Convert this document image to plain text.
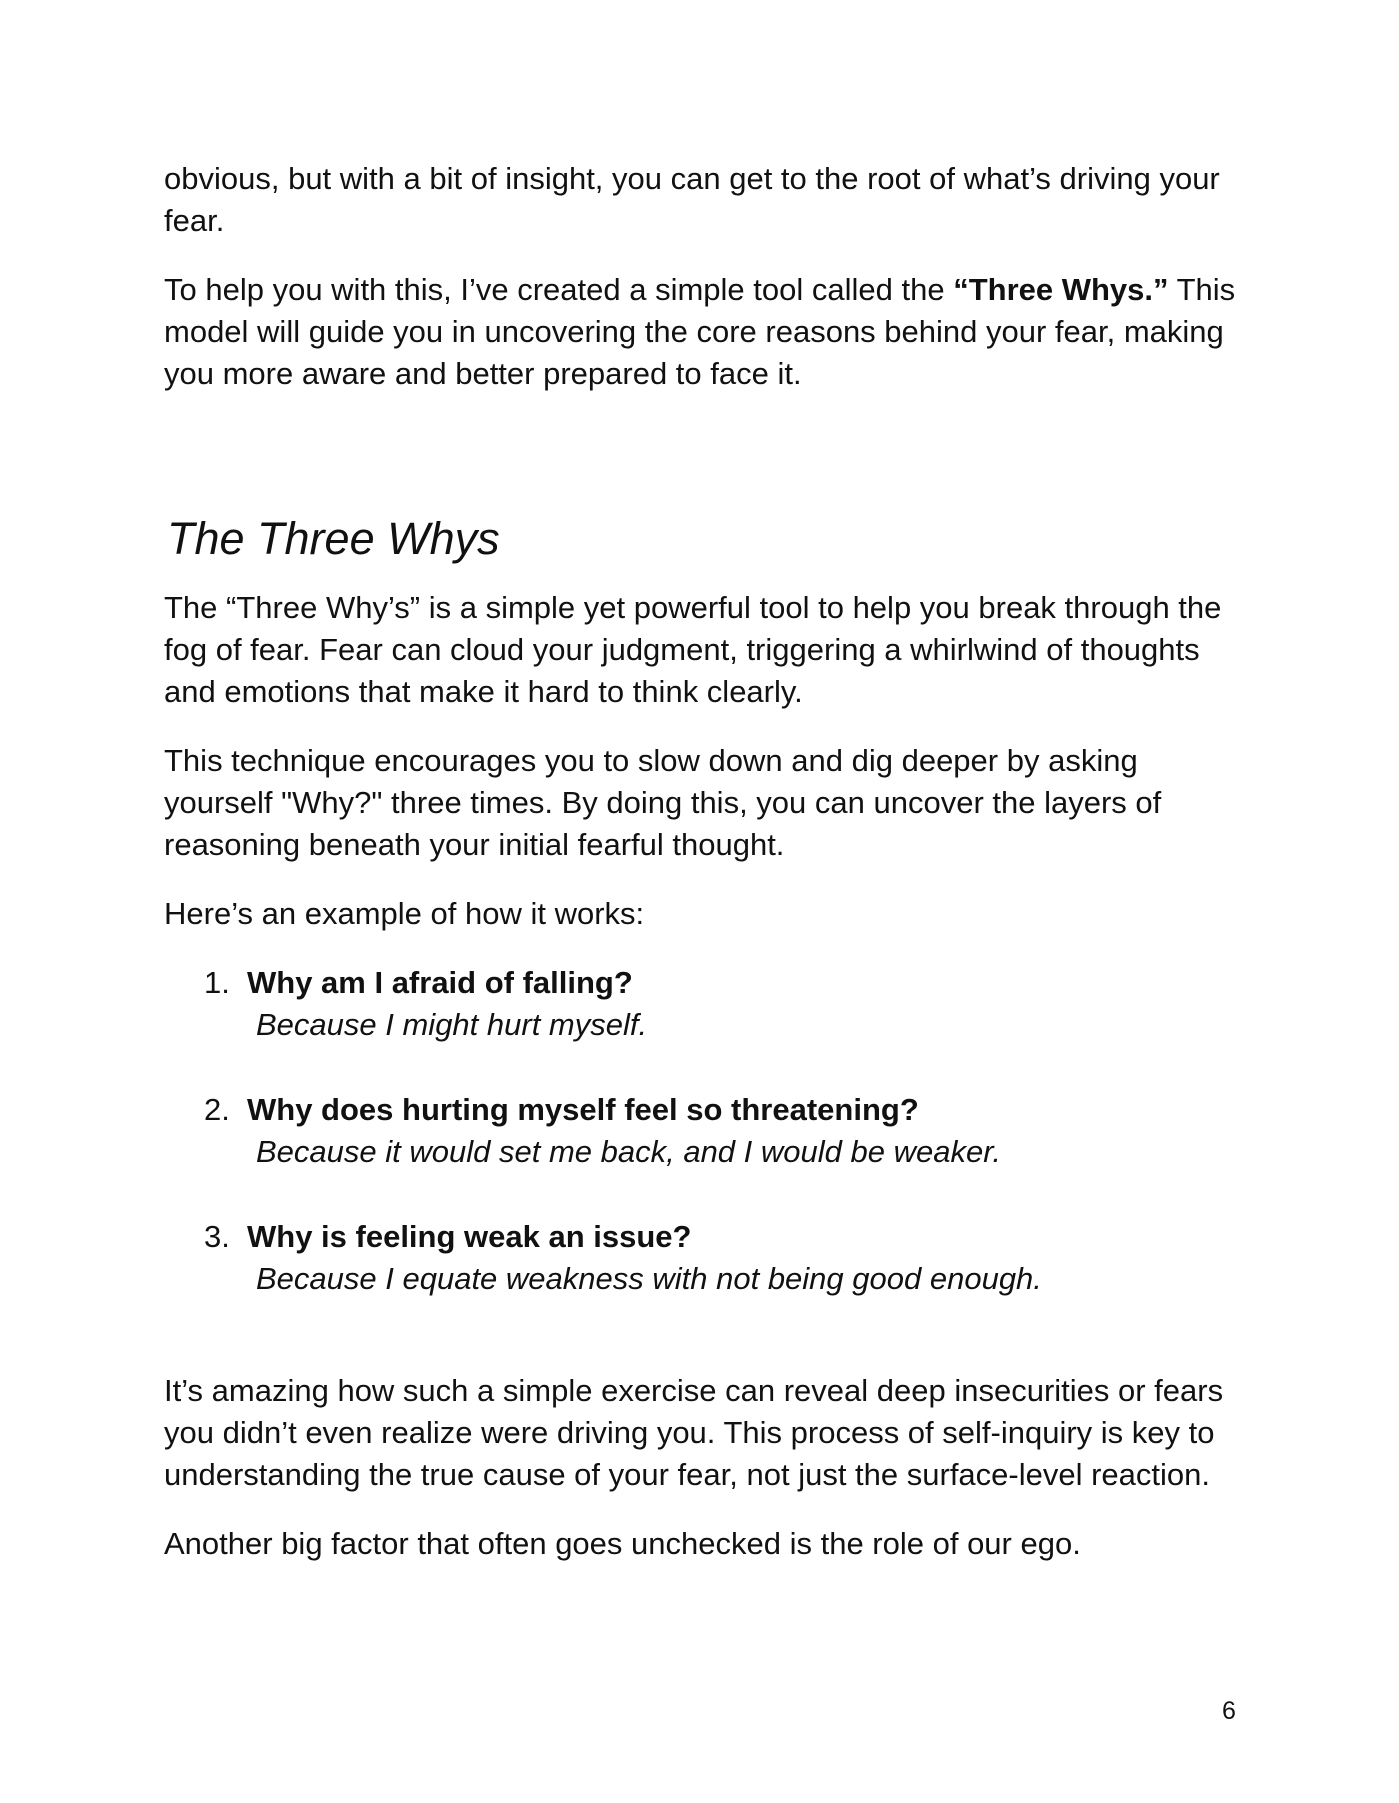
obvious, but with a bit of insight, you can get to the root of what’s driving your fear.

To help you with this, I’ve created a simple tool called the “Three Whys.” This model will guide you in uncovering the core reasons behind your fear, making you more aware and better prepared to face it.

The Three Whys

The “Three Why’s” is a simple yet powerful tool to help you break through the fog of fear. Fear can cloud your judgment, triggering a whirlwind of thoughts and emotions that make it hard to think clearly.

This technique encourages you to slow down and dig deeper by asking yourself "Why?" three times. By doing this, you can uncover the layers of reasoning beneath your initial fearful thought.

Here’s an example of how it works:

1. Why am I afraid of falling?
Because I might hurt myself.
2. Why does hurting myself feel so threatening?
Because it would set me back, and I would be weaker.
3. Why is feeling weak an issue?
Because I equate weakness with not being good enough.

It’s amazing how such a simple exercise can reveal deep insecurities or fears you didn’t even realize were driving you. This process of self-inquiry is key to understanding the true cause of your fear, not just the surface-level reaction.

Another big factor that often goes unchecked is the role of our ego.

6
